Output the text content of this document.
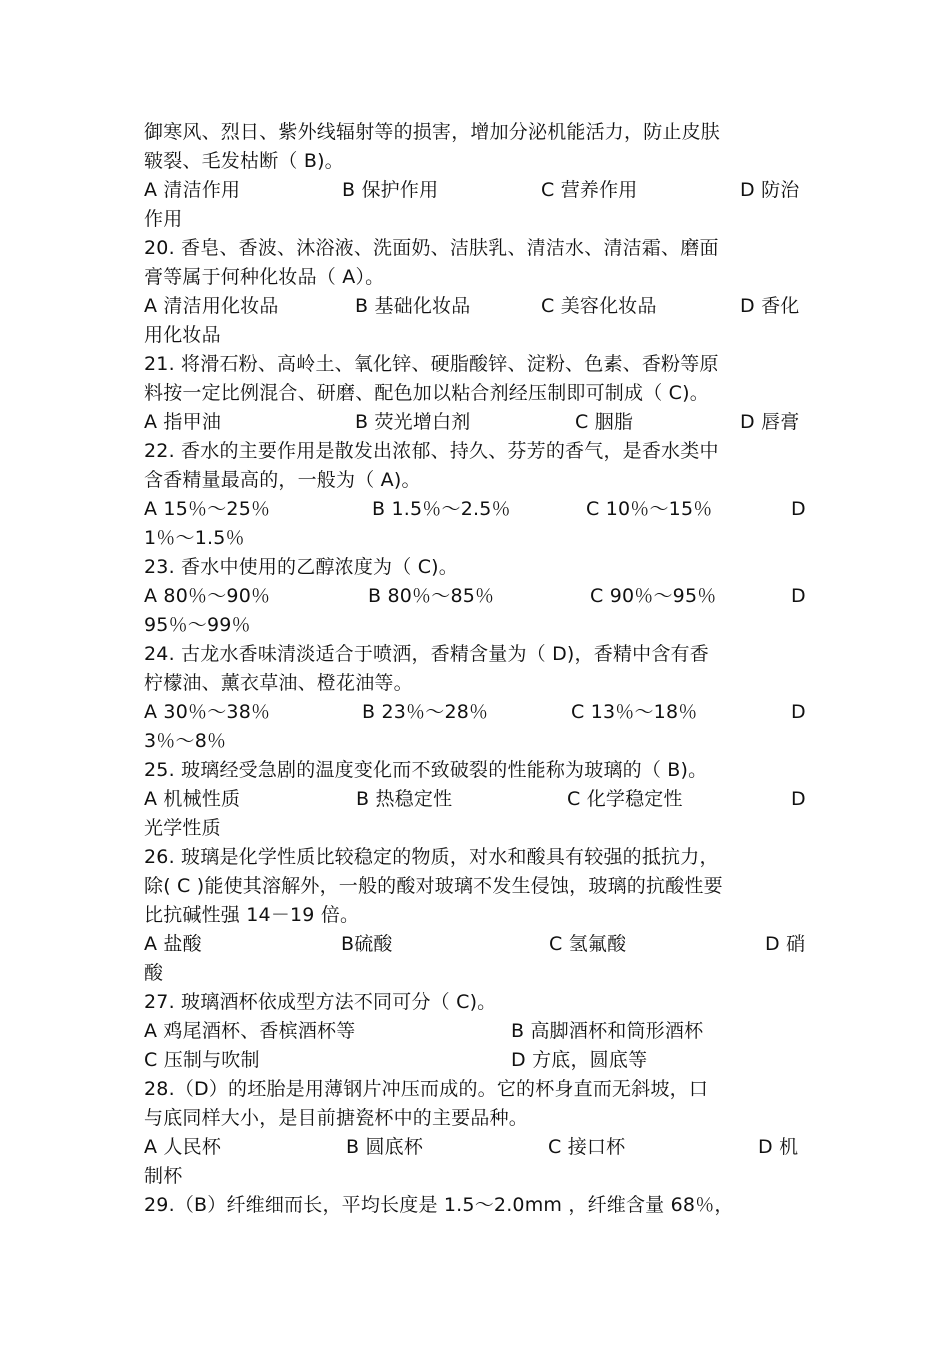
御寒风、烈日、紫外线辐射等的损害，增加分泌机能活力，防止皮肤
皲裂、毛发枯断（ B)。
A 清洁作用	B 保护作用	C 营养作用	D 防治
作用
20. 香皂、香波、沐浴液、洗面奶、洁肤乳、清洁水、清洁霜、磨面
膏等属于何种化妆品（ A）。
A 清洁用化妆品	B 基础化妆品	C 美容化妆品	D 香化
用化妆品
21. 将滑石粉、高岭土、氧化锌、硬脂酸锌、淀粉、色素、香粉等原
料按一定比例混合、研磨、配色加以粘合剂经压制即可制成（ C)。
A 指甲油	B 荧光增白剂	C 胭脂	D 唇膏
22. 香水的主要作用是散发出浓郁、持久、芬芳的香气，是香水类中
含香精量最高的，一般为（ A)。
A 15％～25％	B 1.5％～2.5％	C 10％～15％	D
1％～1.5％
23. 香水中使用的乙醇浓度为（ C)。
A 80％～90％	B 80％～85％	C 90％～95％	D
95％～99％
24. 古龙水香味清淡适合于喷洒，香精含量为（ D)，香精中含有香
柠檬油、薰衣草油、橙花油等。
A 30％～38％	B 23％～28％	C 13％～18％	D
3％～8％
25. 玻璃经受急剧的温度变化而不致破裂的性能称为玻璃的（ B)。
A 机械性质	B 热稳定性	C 化学稳定性	D
光学性质
26. 玻璃是化学性质比较稳定的物质，对水和酸具有较强的抵抗力，
除( C )能使其溶解外，一般的酸对玻璃不发生侵蚀，玻璃的抗酸性要
比抗碱性强 14－19 倍。
A 盐酸	B硫酸	C 氢氟酸	D 硝
酸
27. 玻璃酒杯依成型方法不同可分（ C)。
A 鸡尾酒杯、香槟酒杯等	B 高脚酒杯和筒形酒杯
C 压制与吹制	D 方底，圆底等
28.（D）的坯胎是用薄钢片冲压而成的。它的杯身直而无斜坡，口
与底同样大小，是目前搪瓷杯中的主要品种。
A 人民杯	B 圆底杯	C 接口杯	D 机
制杯
29.（B）纤维细而长，平均长度是 1.5～2.0mm ，纤维含量 68％，
